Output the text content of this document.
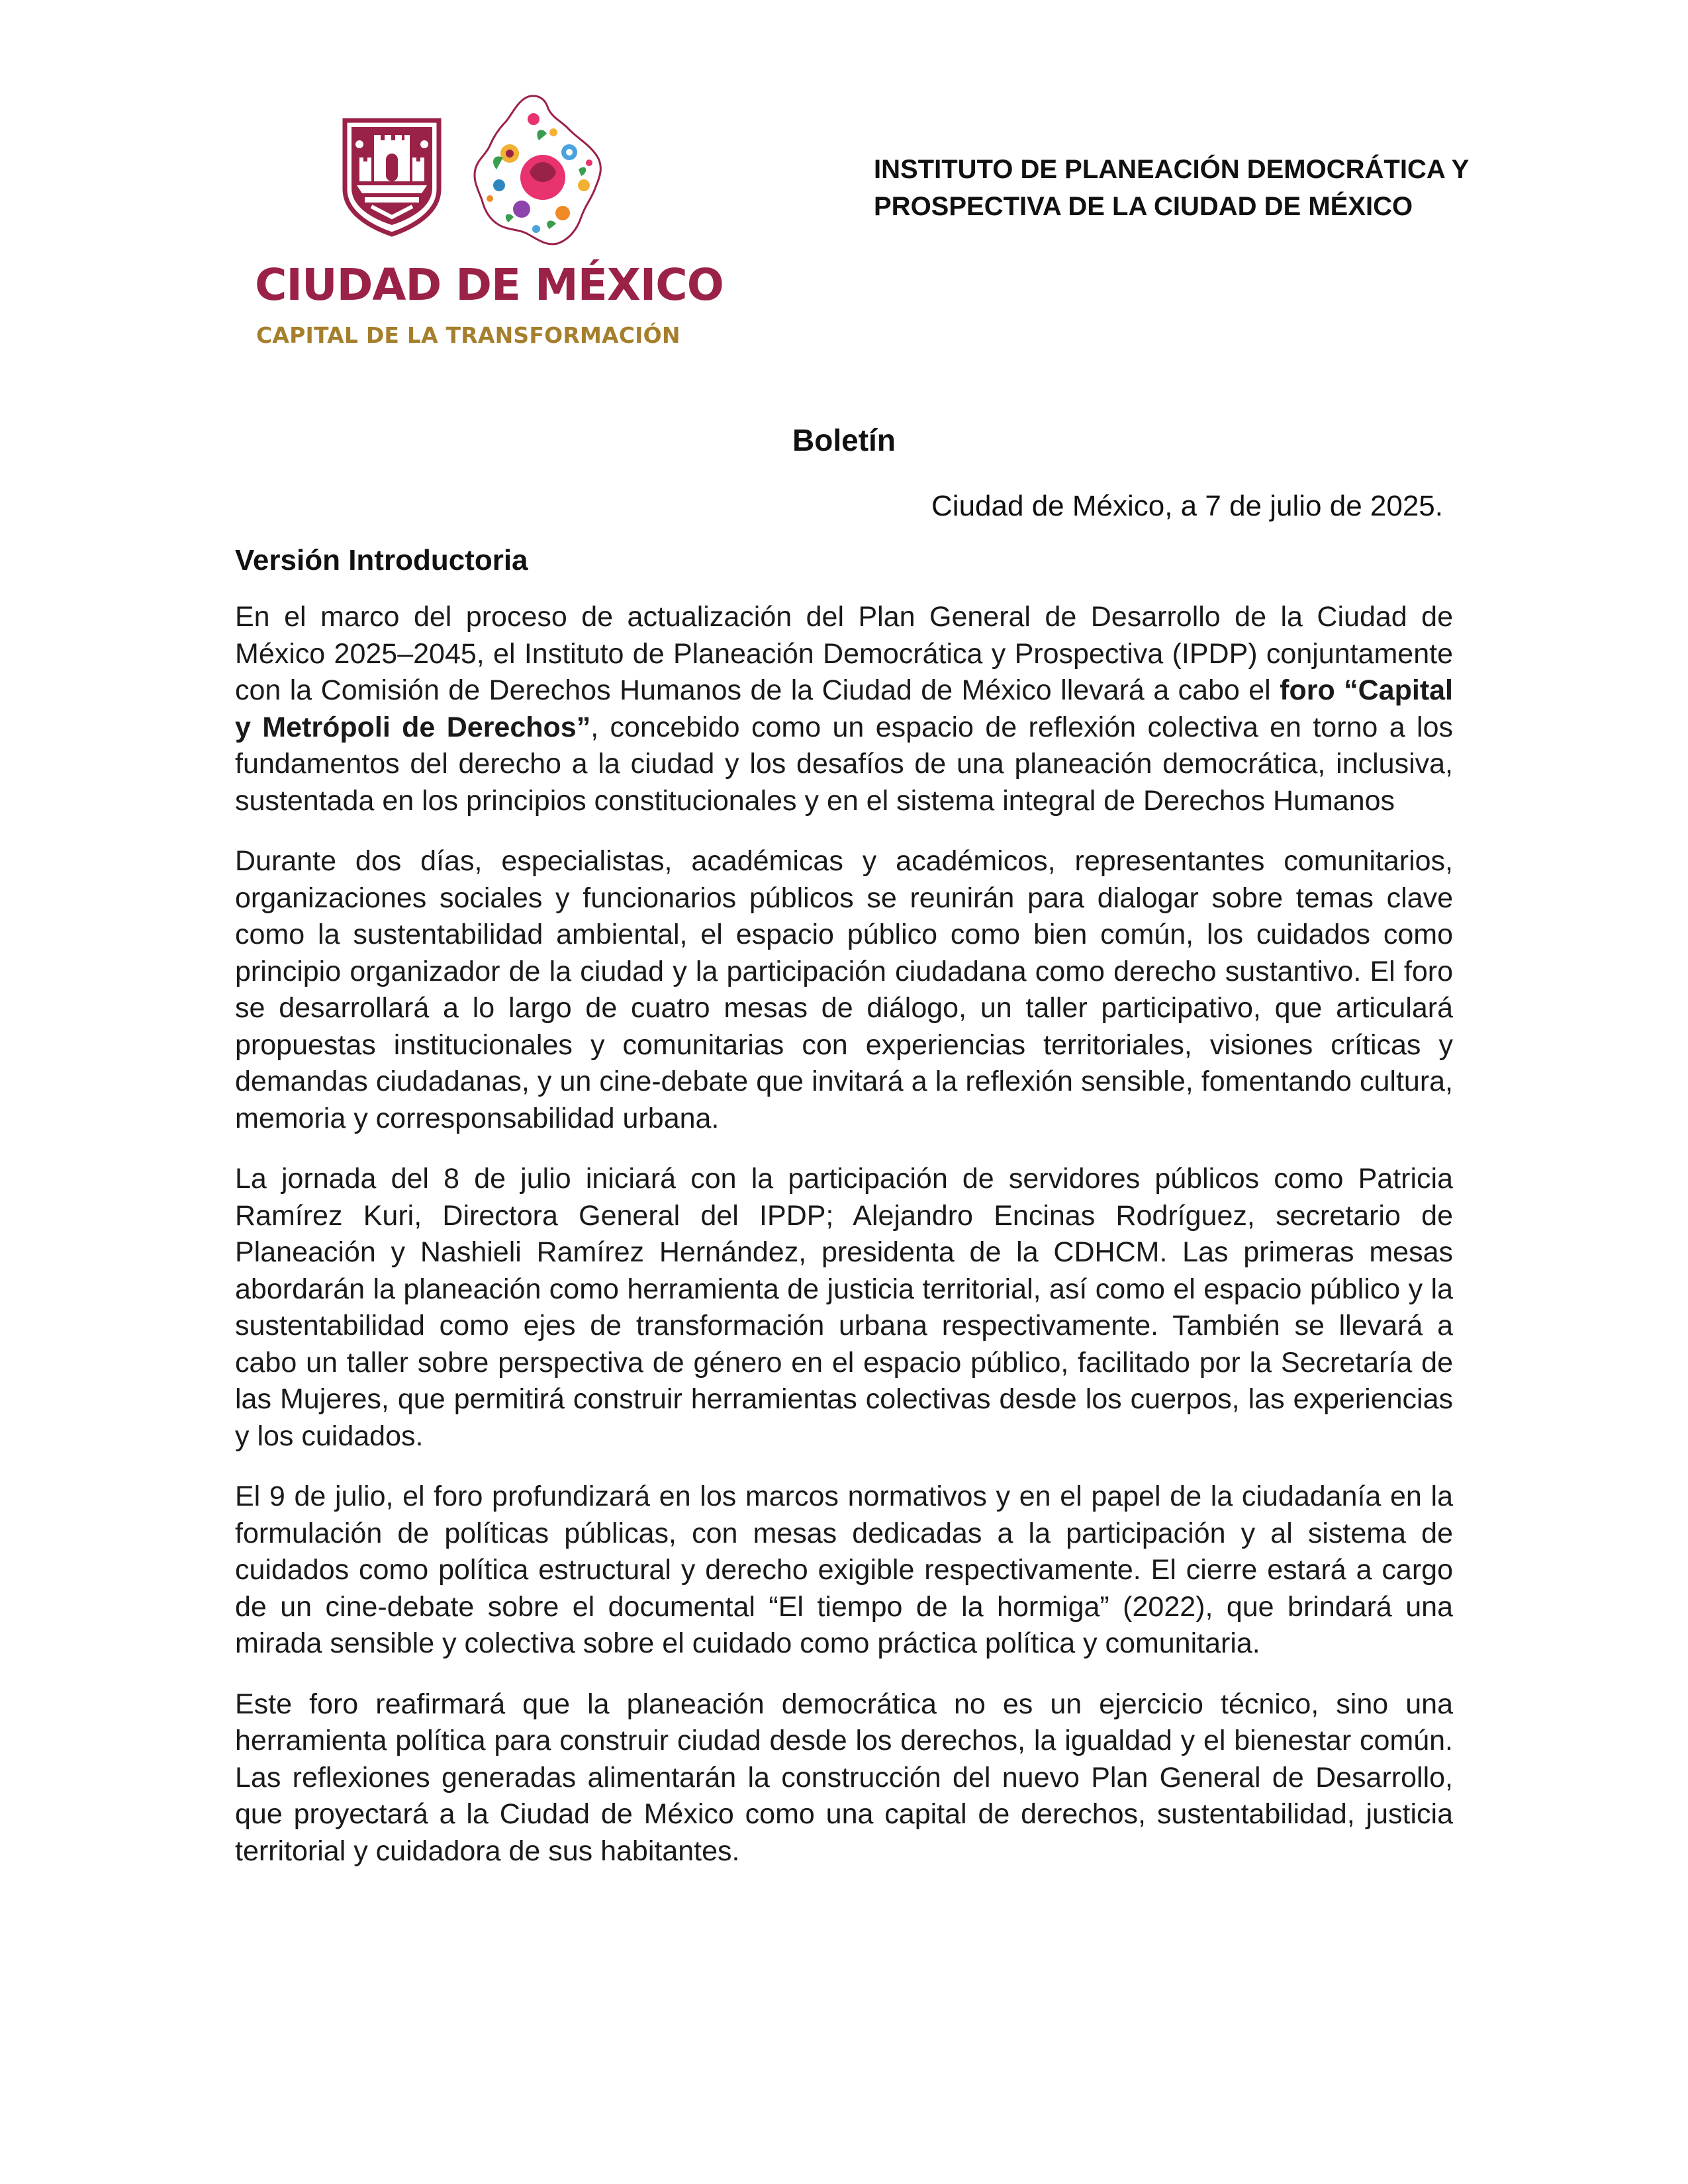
CIUDAD DE MÉXICO
CAPITAL DE LA TRANSFORMACIÓN
INSTITUTO DE PLANEACIÓN DEMOCRÁTICA Y
PROSPECTIVA DE LA CIUDAD DE MÉXICO
Boletín
Ciudad de México, a 7 de julio de 2025.
Versión Introductoria

En el marco del proceso de actualización del Plan General de Desarrollo de la Ciudad de México 2025–2045, el Instituto de Planeación Democrática y Prospectiva (IPDP) conjuntamente con la Comisión de Derechos Humanos de la Ciudad de México llevará a cabo el foro “Capital y Metrópoli de Derechos”, concebido como un espacio de reflexión colectiva en torno a los fundamentos del derecho a la ciudad y los desafíos de una planeación democrática, inclusiva, sustentada en los principios constitucionales y en el sistema integral de Derechos Humanos

Durante dos días, especialistas, académicas y académicos, representantes comunitarios, organizaciones sociales y funcionarios públicos se reunirán para dialogar sobre temas clave como la sustentabilidad ambiental, el espacio público como bien común, los cuidados como principio organizador de la ciudad y la participación ciudadana como derecho sustantivo. El foro se desarrollará a lo largo de cuatro mesas de diálogo, un taller participativo, que articulará propuestas institucionales y comunitarias con experiencias territoriales, visiones críticas y demandas ciudadanas, y un cine-debate que invitará a la reflexión sensible, fomentando cultura, memoria y corresponsabilidad urbana.

La jornada del 8 de julio iniciará con la participación de servidores públicos como Patricia Ramírez Kuri, Directora General del IPDP; Alejandro Encinas Rodríguez, secretario de Planeación y Nashieli Ramírez Hernández, presidenta de la CDHCM. Las primeras mesas abordarán la planeación como herramienta de justicia territorial, así como el espacio público y la sustentabilidad como ejes de transformación urbana respectivamente. También se llevará a cabo un taller sobre perspectiva de género en el espacio público, facilitado por la Secretaría de las Mujeres, que permitirá construir herramientas colectivas desde los cuerpos, las experiencias y los cuidados.

El 9 de julio, el foro profundizará en los marcos normativos y en el papel de la ciudadanía en la formulación de políticas públicas, con mesas dedicadas a la participación y al sistema de cuidados como política estructural y derecho exigible respectivamente. El cierre estará a cargo de un cine-debate sobre el documental “El tiempo de la hormiga” (2022), que brindará una mirada sensible y colectiva sobre el cuidado como práctica política y comunitaria.

Este foro reafirmará que la planeación democrática no es un ejercicio técnico, sino una herramienta política para construir ciudad desde los derechos, la igualdad y el bienestar común. Las reflexiones generadas alimentarán la construcción del nuevo Plan General de Desarrollo, que proyectará a la Ciudad de México como una capital de derechos, sustentabilidad, justicia territorial y cuidadora de sus habitantes.
